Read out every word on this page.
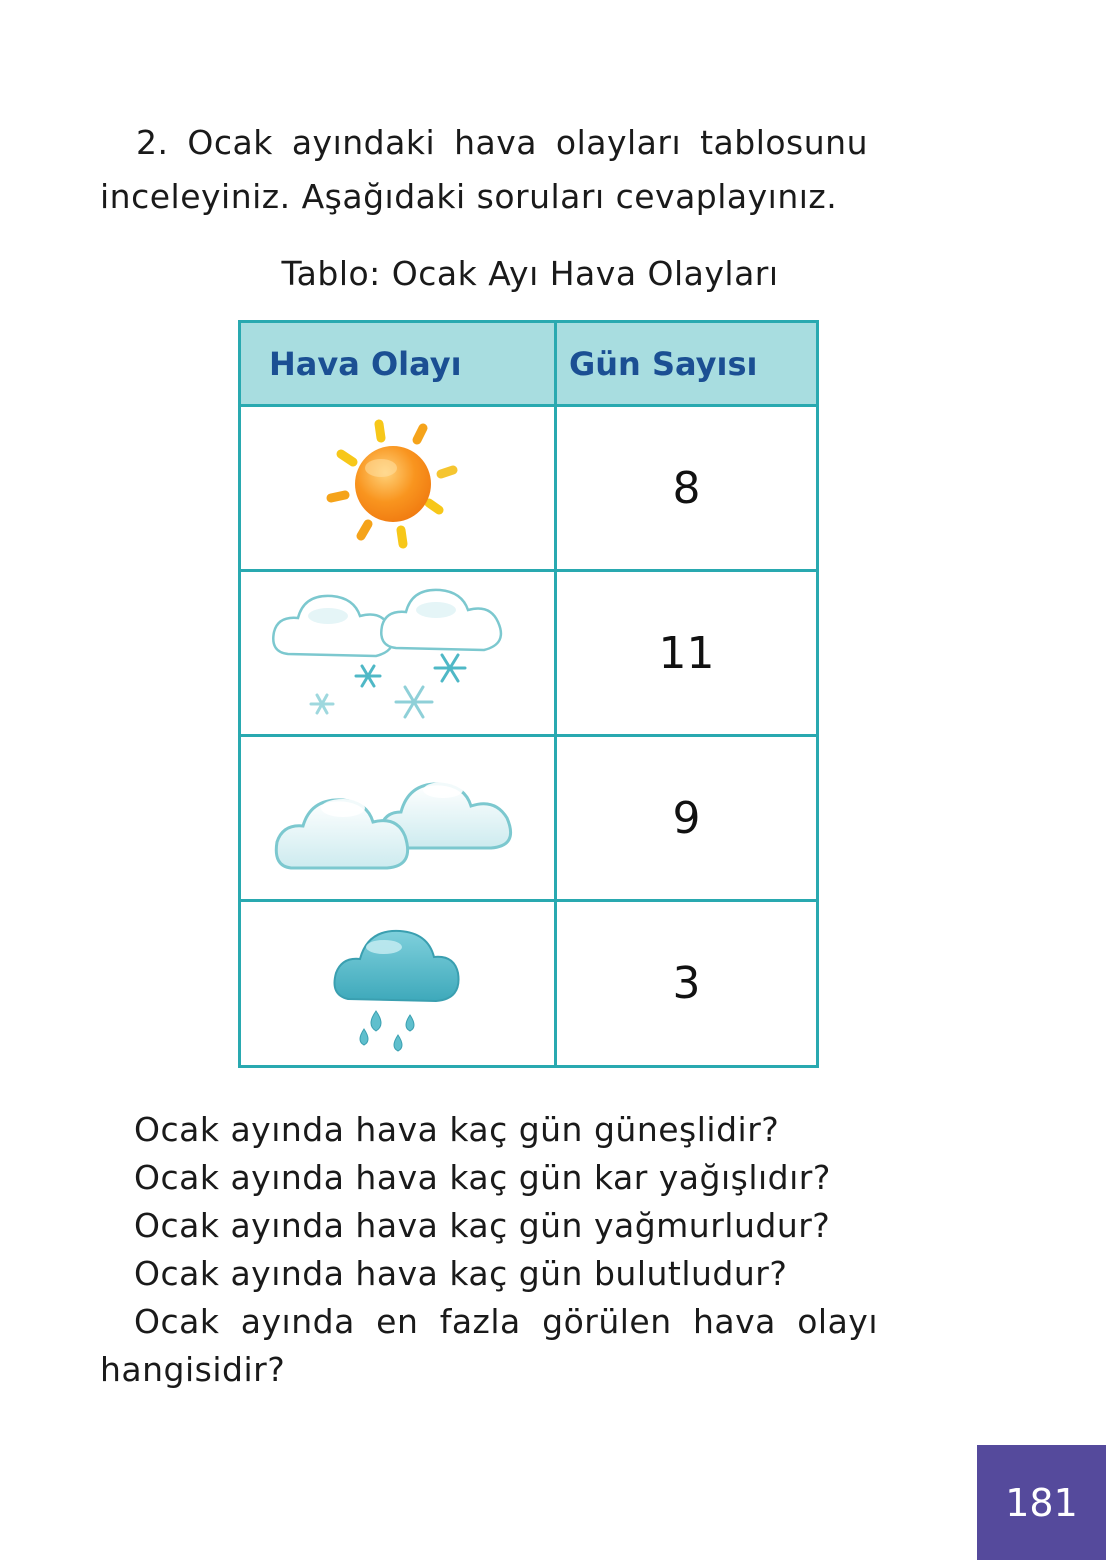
2. Ocak ayındaki hava olayları tablosunu
inceleyiniz. Aşağıdaki soruları cevaplayınız.

Tablo: Ocak Ayı Hava Olayları

Hava Olayı	Gün Sayısı
	8
	11
	9
	3

Ocak ayında hava kaç gün güneşlidir?
Ocak ayında hava kaç gün kar yağışlıdır?
Ocak ayında hava kaç gün yağmurludur?
Ocak ayında hava kaç gün bulutludur?
Ocak ayında en fazla görülen hava olayı
hangisidir?

181
